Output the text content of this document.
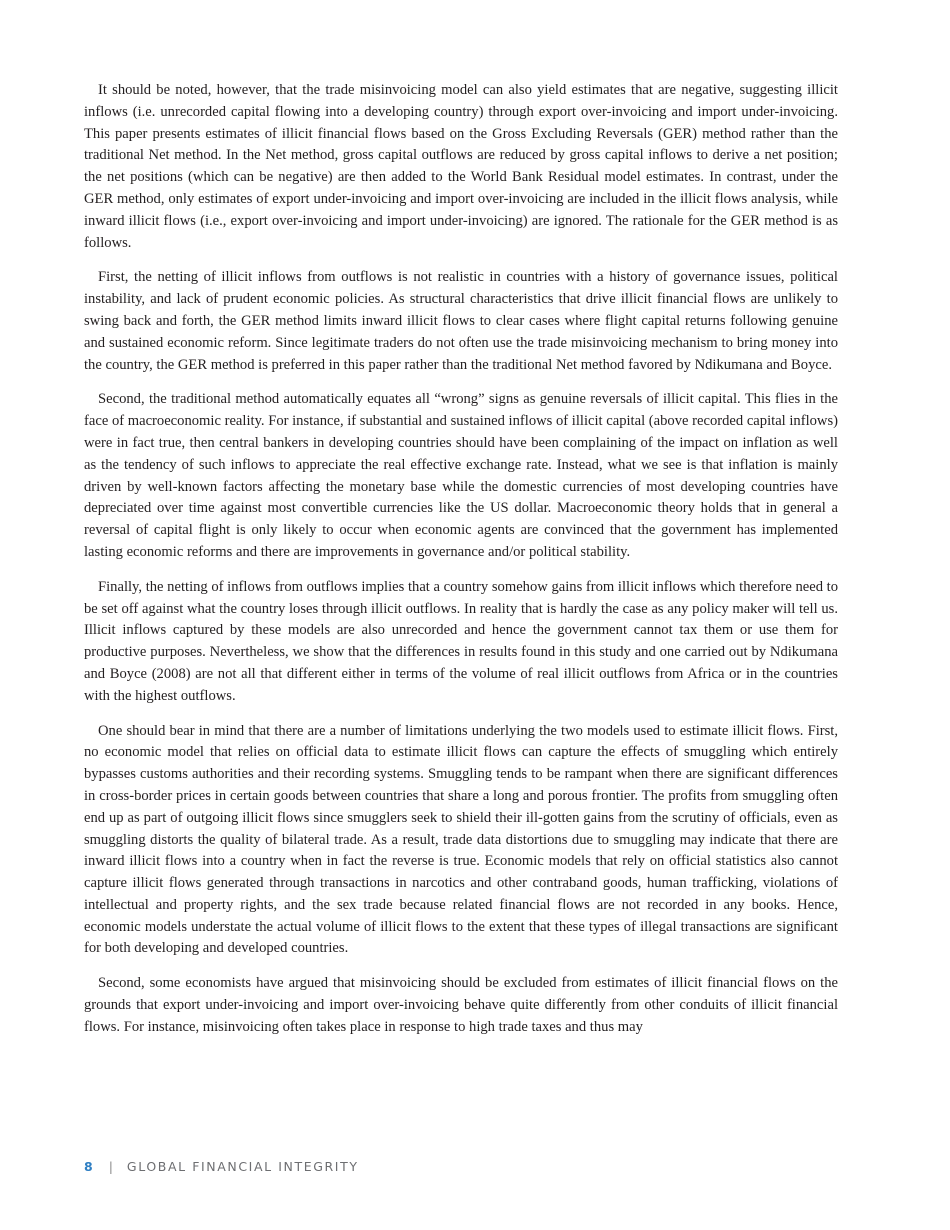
It should be noted, however, that the trade misinvoicing model can also yield estimates that are negative, suggesting illicit inflows (i.e. unrecorded capital flowing into a developing country) through export over-invoicing and import under-invoicing. This paper presents estimates of illicit financial flows based on the Gross Excluding Reversals (GER) method rather than the traditional Net method. In the Net method, gross capital outflows are reduced by gross capital inflows to derive a net position; the net positions (which can be negative) are then added to the World Bank Residual model estimates. In contrast, under the GER method, only estimates of export under-invoicing and import over-invoicing are included in the illicit flows analysis, while inward illicit flows (i.e., export over-invoicing and import under-invoicing) are ignored. The rationale for the GER method is as follows.

First, the netting of illicit inflows from outflows is not realistic in countries with a history of governance issues, political instability, and lack of prudent economic policies. As structural characteristics that drive illicit financial flows are unlikely to swing back and forth, the GER method limits inward illicit flows to clear cases where flight capital returns following genuine and sustained economic reform. Since legitimate traders do not often use the trade misinvoicing mechanism to bring money into the country, the GER method is preferred in this paper rather than the traditional Net method favored by Ndikumana and Boyce.

Second, the traditional method automatically equates all “wrong” signs as genuine reversals of illicit capital. This flies in the face of macroeconomic reality. For instance, if substantial and sustained inflows of illicit capital (above recorded capital inflows) were in fact true, then central bankers in developing countries should have been complaining of the impact on inflation as well as the tendency of such inflows to appreciate the real effective exchange rate. Instead, what we see is that inflation is mainly driven by well-known factors affecting the monetary base while the domestic currencies of most developing countries have depreciated over time against most convertible currencies like the US dollar. Macroeconomic theory holds that in general a reversal of capital flight is only likely to occur when economic agents are convinced that the government has implemented lasting economic reforms and there are improvements in governance and/or political stability.

Finally, the netting of inflows from outflows implies that a country somehow gains from illicit inflows which therefore need to be set off against what the country loses through illicit outflows. In reality that is hardly the case as any policy maker will tell us. Illicit inflows captured by these models are also unrecorded and hence the government cannot tax them or use them for productive purposes. Nevertheless, we show that the differences in results found in this study and one carried out by Ndikumana and Boyce (2008) are not all that different either in terms of the volume of real illicit outflows from Africa or in the countries with the highest outflows.

One should bear in mind that there are a number of limitations underlying the two models used to estimate illicit flows. First, no economic model that relies on official data to estimate illicit flows can capture the effects of smuggling which entirely bypasses customs authorities and their recording systems. Smuggling tends to be rampant when there are significant differences in cross-border prices in certain goods between countries that share a long and porous frontier. The profits from smuggling often end up as part of outgoing illicit flows since smugglers seek to shield their ill-gotten gains from the scrutiny of officials, even as smuggling distorts the quality of bilateral trade. As a result, trade data distortions due to smuggling may indicate that there are inward illicit flows into a country when in fact the reverse is true. Economic models that rely on official statistics also cannot capture illicit flows generated through transactions in narcotics and other contraband goods, human trafficking, violations of intellectual and property rights, and the sex trade because related financial flows are not recorded in any books. Hence, economic models understate the actual volume of illicit flows to the extent that these types of illegal transactions are significant for both developing and developed countries.

Second, some economists have argued that misinvoicing should be excluded from estimates of illicit financial flows on the grounds that export under-invoicing and import over-invoicing behave quite differently from other conduits of illicit financial flows. For instance, misinvoicing often takes place in response to high trade taxes and thus may

8 | GLOBAL FINANCIAL INTEGRITY
